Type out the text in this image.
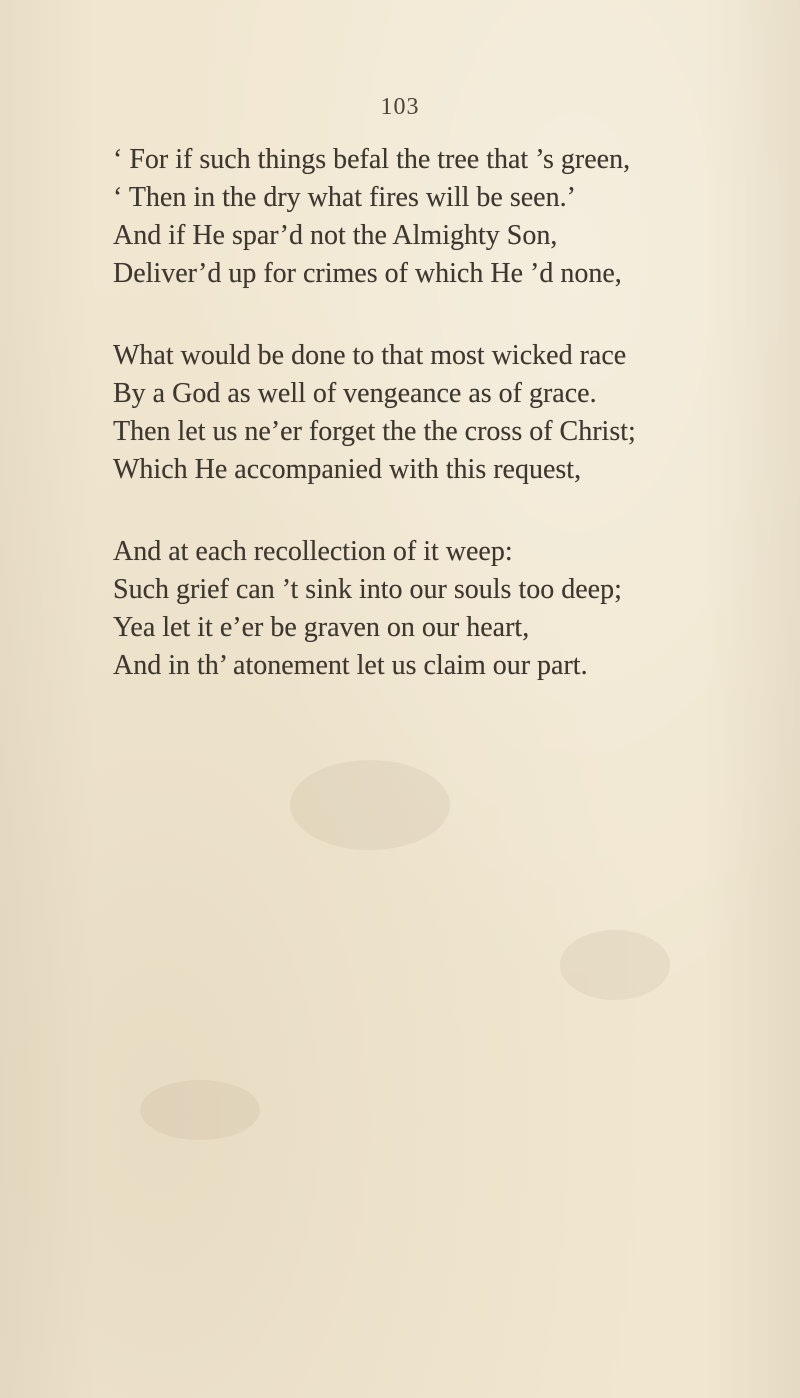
103
‘ For if such things befal the tree that ’s green,
‘ Then in the dry what fires will be seen.’
And if He spar’d not the Almighty Son,
Deliver’d up for crimes of which He ’d none,
What would be done to that most wicked race
By a God as well of vengeance as of grace.
Then let us ne’er forget the the cross of Christ;
Which He accompanied with this request,
And at each recollection of it weep:
Such grief can ’t sink into our souls too deep;
Yea let it e’er be graven on our heart,
And in th’ atonement let us claim our part.
